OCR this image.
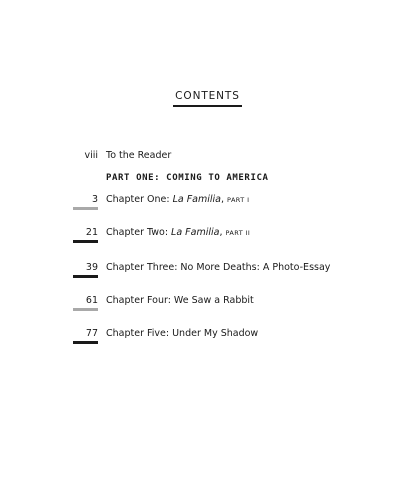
CONTENTS
viii To the Reader
PART ONE: COMING TO AMERICA
3 Chapter One: La Familia, PART I
21 Chapter Two: La Familia, PART II
39 Chapter Three: No More Deaths: A Photo-Essay
61 Chapter Four: We Saw a Rabbit
77 Chapter Five: Under My Shadow
